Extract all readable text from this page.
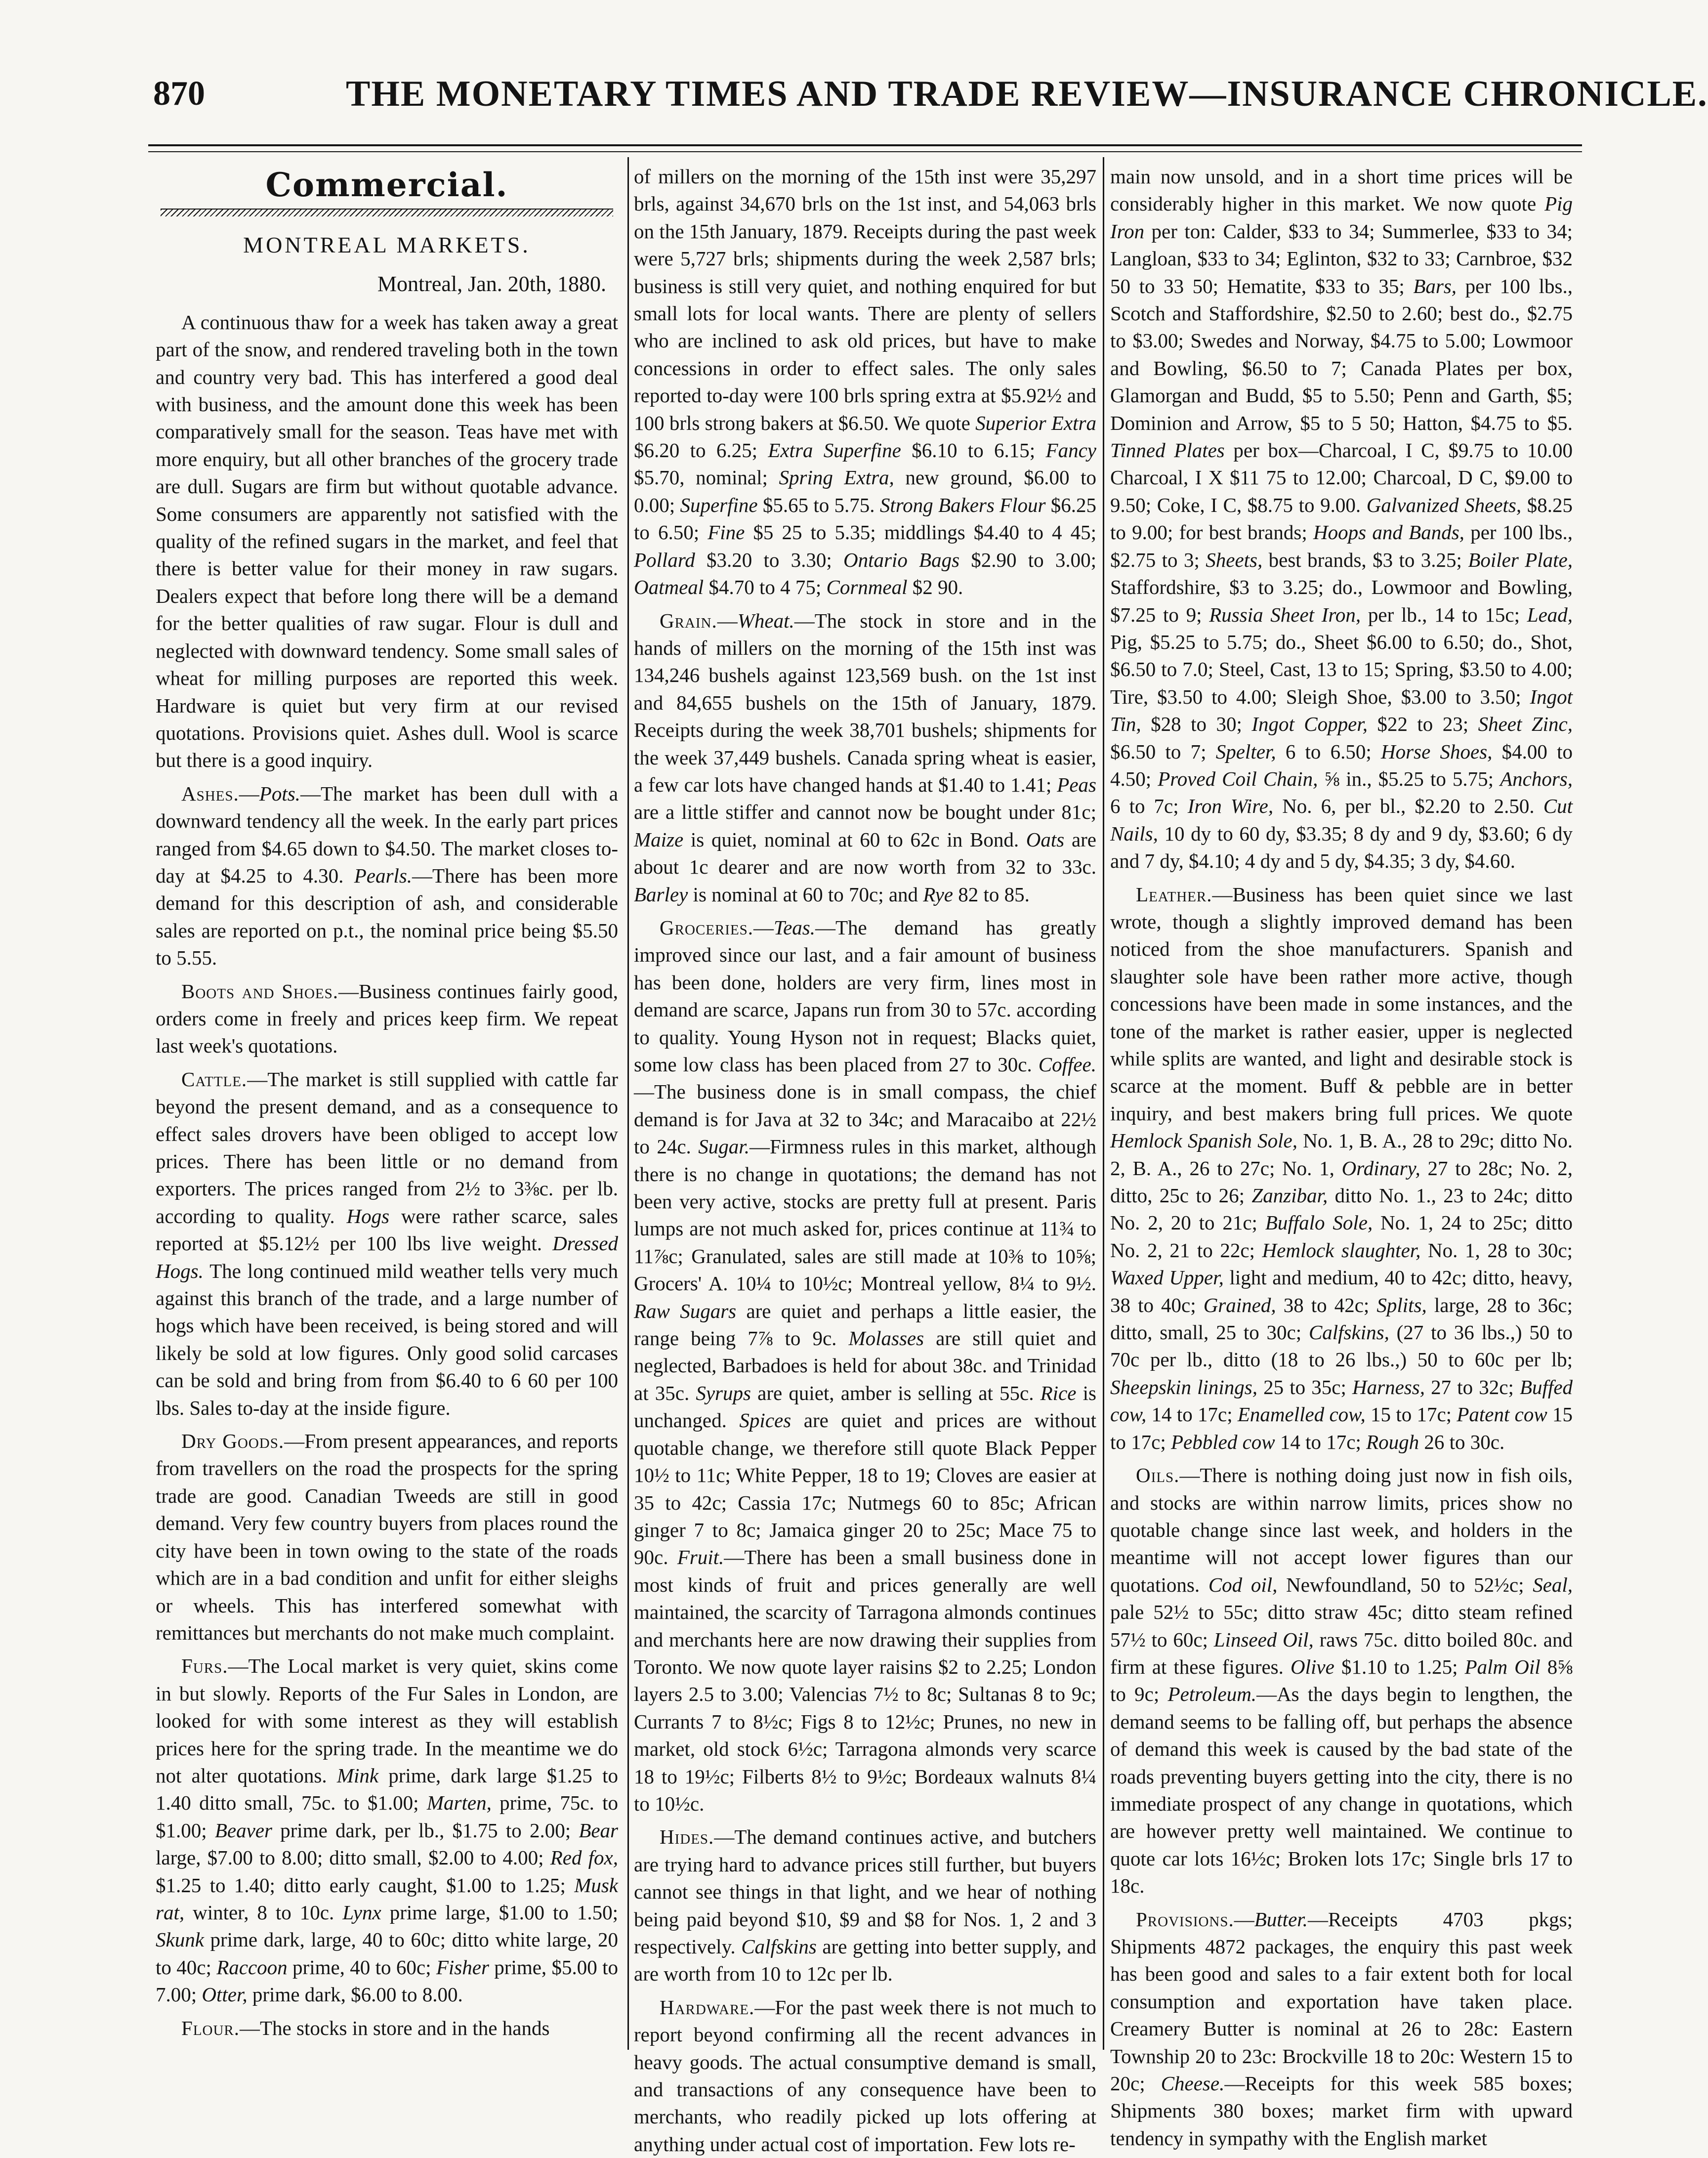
870	THE MONETARY TIMES AND TRADE REVIEW—INSURANCE CHRONICLE.
Commercial.
MONTREAL MARKETS.
Montreal, Jan. 20th, 1880.

A continuous thaw for a week has taken away a great part of the snow, and rendered traveling both in the town and country very bad. This has interfered a good deal with business, and the amount done this week has been comparatively small for the season. Teas have met with more enquiry, but all other branches of the grocery trade are dull. Sugars are firm but without quotable advance. Some consumers are apparently not satisfied with the quality of the refined sugars in the market, and feel that there is better value for their money in raw sugars. Dealers expect that before long there will be a demand for the better qualities of raw sugar. Flour is dull and neglected with downward tendency. Some small sales of wheat for milling purposes are reported this week. Hardware is quiet but very firm at our revised quotations. Provisions quiet. Ashes dull. Wool is scarce but there is a good inquiry.

Ashes.—Pots.—The market has been dull with a downward tendency all the week. In the early part prices ranged from $4.65 down to $4.50. The market closes to-day at $4.25 to 4.30. Pearls.—There has been more demand for this description of ash, and considerable sales are reported on p.t., the nominal price being $5.50 to 5.55.

Boots and Shoes.—Business continues fairly good, orders come in freely and prices keep firm. We repeat last week's quotations.

Cattle.—The market is still supplied with cattle far beyond the present demand, and as a consequence to effect sales drovers have been obliged to accept low prices. There has been little or no demand from exporters. The prices ranged from 2½ to 3⅜c. per lb. according to quality. Hogs were rather scarce, sales reported at $5.12½ per 100 lbs live weight. Dressed Hogs. The long continued mild weather tells very much against this branch of the trade, and a large number of hogs which have been received, is being stored and will likely be sold at low figures. Only good solid carcases can be sold and bring from from $6.40 to 6 60 per 100 lbs. Sales to-day at the inside figure.

Dry Goods.—From present appearances, and reports from travellers on the road the prospects for the spring trade are good. Canadian Tweeds are still in good demand. Very few country buyers from places round the city have been in town owing to the state of the roads which are in a bad condition and unfit for either sleighs or wheels. This has interfered somewhat with remittances but merchants do not make much complaint.

Furs.—The Local market is very quiet, skins come in but slowly. Reports of the Fur Sales in London, are looked for with some interest as they will establish prices here for the spring trade. In the meantime we do not alter quotations. Mink prime, dark large $1.25 to 1.40 ditto small, 75c. to $1.00; Marten, prime, 75c. to $1.00; Beaver prime dark, per lb., $1.75 to 2.00; Bear large, $7.00 to 8.00; ditto small, $2.00 to 4.00; Red fox, $1.25 to 1.40; ditto early caught, $1.00 to 1.25; Musk rat, winter, 8 to 10c. Lynx prime large, $1.00 to 1.50; Skunk prime dark, large, 40 to 60c; ditto white large, 20 to 40c; Raccoon prime, 40 to 60c; Fisher prime, $5.00 to 7.00; Otter, prime dark, $6.00 to 8.00.

Flour.—The stocks in store and in the hands

of millers on the morning of the 15th inst were 35,297 brls, against 34,670 brls on the 1st inst, and 54,063 brls on the 15th January, 1879. Receipts during the past week were 5,727 brls; shipments during the week 2,587 brls; business is still very quiet, and nothing enquired for but small lots for local wants. There are plenty of sellers who are inclined to ask old prices, but have to make concessions in order to effect sales. The only sales reported to-day were 100 brls spring extra at $5.92½ and 100 brls strong bakers at $6.50. We quote Superior Extra $6.20 to 6.25; Extra Superfine $6.10 to 6.15; Fancy $5.70, nominal; Spring Extra, new ground, $6.00 to 0.00; Superfine $5.65 to 5.75. Strong Bakers Flour $6.25 to 6.50; Fine $5 25 to 5.35; middlings $4.40 to 4 45; Pollard $3.20 to 3.30; Ontario Bags $2.90 to 3.00; Oatmeal $4.70 to 4 75; Cornmeal $2 90.

Grain.—Wheat.—The stock in store and in the hands of millers on the morning of the 15th inst was 134,246 bushels against 123,569 bush. on the 1st inst and 84,655 bushels on the 15th of January, 1879. Receipts during the week 38,701 bushels; shipments for the week 37,449 bushels. Canada spring wheat is easier, a few car lots have changed hands at $1.40 to 1.41; Peas are a little stiffer and cannot now be bought under 81c; Maize is quiet, nominal at 60 to 62c in Bond. Oats are about 1c dearer and are now worth from 32 to 33c. Barley is nominal at 60 to 70c; and Rye 82 to 85.

Groceries.—Teas.—The demand has greatly improved since our last, and a fair amount of business has been done, holders are very firm, lines most in demand are scarce, Japans run from 30 to 57c. according to quality. Young Hyson not in request; Blacks quiet, some low class has been placed from 27 to 30c. Coffee.—The business done is in small compass, the chief demand is for Java at 32 to 34c; and Maracaibo at 22½ to 24c. Sugar.—Firmness rules in this market, although there is no change in quotations; the demand has not been very active, stocks are pretty full at present. Paris lumps are not much asked for, prices continue at 11¾ to 11⅞c; Granulated, sales are still made at 10⅜ to 10⅝; Grocers' A. 10¼ to 10½c; Montreal yellow, 8¼ to 9½. Raw Sugars are quiet and perhaps a little easier, the range being 7⅞ to 9c. Molasses are still quiet and neglected, Barbadoes is held for about 38c. and Trinidad at 35c. Syrups are quiet, amber is selling at 55c. Rice is unchanged. Spices are quiet and prices are without quotable change, we therefore still quote Black Pepper 10½ to 11c; White Pepper, 18 to 19; Cloves are easier at 35 to 42c; Cassia 17c; Nutmegs 60 to 85c; African ginger 7 to 8c; Jamaica ginger 20 to 25c; Mace 75 to 90c. Fruit.—There has been a small business done in most kinds of fruit and prices generally are well maintained, the scarcity of Tarragona almonds continues and merchants here are now drawing their supplies from Toronto. We now quote layer raisins $2 to 2.25; London layers 2.5 to 3.00; Valencias 7½ to 8c; Sultanas 8 to 9c; Currants 7 to 8½c; Figs 8 to 12½c; Prunes, no new in market, old stock 6½c; Tarragona almonds very scarce 18 to 19½c; Filberts 8½ to 9½c; Bordeaux walnuts 8¼ to 10½c.

Hides.—The demand continues active, and butchers are trying hard to advance prices still further, but buyers cannot see things in that light, and we hear of nothing being paid beyond $10, $9 and $8 for Nos. 1, 2 and 3 respectively. Calfskins are getting into better supply, and are worth from 10 to 12c per lb.

Hardware.—For the past week there is not much to report beyond confirming all the recent advances in heavy goods. The actual consumptive demand is small, and transactions of any consequence have been to merchants, who readily picked up lots offering at anything under actual cost of importation. Few lots re-

main now unsold, and in a short time prices will be considerably higher in this market. We now quote Pig Iron per ton: Calder, $33 to 34; Summerlee, $33 to 34; Langloan, $33 to 34; Eglinton, $32 to 33; Carnbroe, $32 50 to 33 50; Hematite, $33 to 35; Bars, per 100 lbs., Scotch and Staffordshire, $2.50 to 2.60; best do., $2.75 to $3.00; Swedes and Norway, $4.75 to 5.00; Lowmoor and Bowling, $6.50 to 7; Canada Plates per box, Glamorgan and Budd, $5 to 5.50; Penn and Garth, $5; Dominion and Arrow, $5 to 5 50; Hatton, $4.75 to $5. Tinned Plates per box—Charcoal, I C, $9.75 to 10.00 Charcoal, I X $11 75 to 12.00; Charcoal, D C, $9.00 to 9.50; Coke, I C, $8.75 to 9.00. Galvanized Sheets, $8.25 to 9.00; for best brands; Hoops and Bands, per 100 lbs., $2.75 to 3; Sheets, best brands, $3 to 3.25; Boiler Plate, Staffordshire, $3 to 3.25; do., Lowmoor and Bowling, $7.25 to 9; Russia Sheet Iron, per lb., 14 to 15c; Lead, Pig, $5.25 to 5.75; do., Sheet $6.00 to 6.50; do., Shot, $6.50 to 7.0; Steel, Cast, 13 to 15; Spring, $3.50 to 4.00; Tire, $3.50 to 4.00; Sleigh Shoe, $3.00 to 3.50; Ingot Tin, $28 to 30; Ingot Copper, $22 to 23; Sheet Zinc, $6.50 to 7; Spelter, 6 to 6.50; Horse Shoes, $4.00 to 4.50; Proved Coil Chain, ⅝ in., $5.25 to 5.75; Anchors, 6 to 7c; Iron Wire, No. 6, per bl., $2.20 to 2.50. Cut Nails, 10 dy to 60 dy, $3.35; 8 dy and 9 dy, $3.60; 6 dy and 7 dy, $4.10; 4 dy and 5 dy, $4.35; 3 dy, $4.60.

Leather.—Business has been quiet since we last wrote, though a slightly improved demand has been noticed from the shoe manufacturers. Spanish and slaughter sole have been rather more active, though concessions have been made in some instances, and the tone of the market is rather easier, upper is neglected while splits are wanted, and light and desirable stock is scarce at the moment. Buff & pebble are in better inquiry, and best makers bring full prices. We quote Hemlock Spanish Sole, No. 1, B. A., 28 to 29c; ditto No. 2, B. A., 26 to 27c; No. 1, Ordinary, 27 to 28c; No. 2, ditto, 25c to 26; Zanzibar, ditto No. 1., 23 to 24c; ditto No. 2, 20 to 21c; Buffalo Sole, No. 1, 24 to 25c; ditto No. 2, 21 to 22c; Hemlock slaughter, No. 1, 28 to 30c; Waxed Upper, light and medium, 40 to 42c; ditto, heavy, 38 to 40c; Grained, 38 to 42c; Splits, large, 28 to 36c; ditto, small, 25 to 30c; Calfskins, (27 to 36 lbs.,) 50 to 70c per lb., ditto (18 to 26 lbs.,) 50 to 60c per lb; Sheepskin linings, 25 to 35c; Harness, 27 to 32c; Buffed cow, 14 to 17c; Enamelled cow, 15 to 17c; Patent cow 15 to 17c; Pebbled cow 14 to 17c; Rough 26 to 30c.

Oils.—There is nothing doing just now in fish oils, and stocks are within narrow limits, prices show no quotable change since last week, and holders in the meantime will not accept lower figures than our quotations. Cod oil, Newfoundland, 50 to 52½c; Seal, pale 52½ to 55c; ditto straw 45c; ditto steam refined 57½ to 60c; Linseed Oil, raws 75c. ditto boiled 80c. and firm at these figures. Olive $1.10 to 1.25; Palm Oil 8⅝ to 9c; Petroleum.—As the days begin to lengthen, the demand seems to be falling off, but perhaps the absence of demand this week is caused by the bad state of the roads preventing buyers getting into the city, there is no immediate prospect of any change in quotations, which are however pretty well maintained. We continue to quote car lots 16½c; Broken lots 17c; Single brls 17 to 18c.

Provisions.—Butter.—Receipts 4703 pkgs; Shipments 4872 packages, the enquiry this past week has been good and sales to a fair extent both for local consumption and exportation have taken place. Creamery Butter is nominal at 26 to 28c: Eastern Township 20 to 23c: Brockville 18 to 20c: Western 15 to 20c; Cheese.—Receipts for this week 585 boxes; Shipments 380 boxes; market firm with upward tendency in sympathy with the English market
